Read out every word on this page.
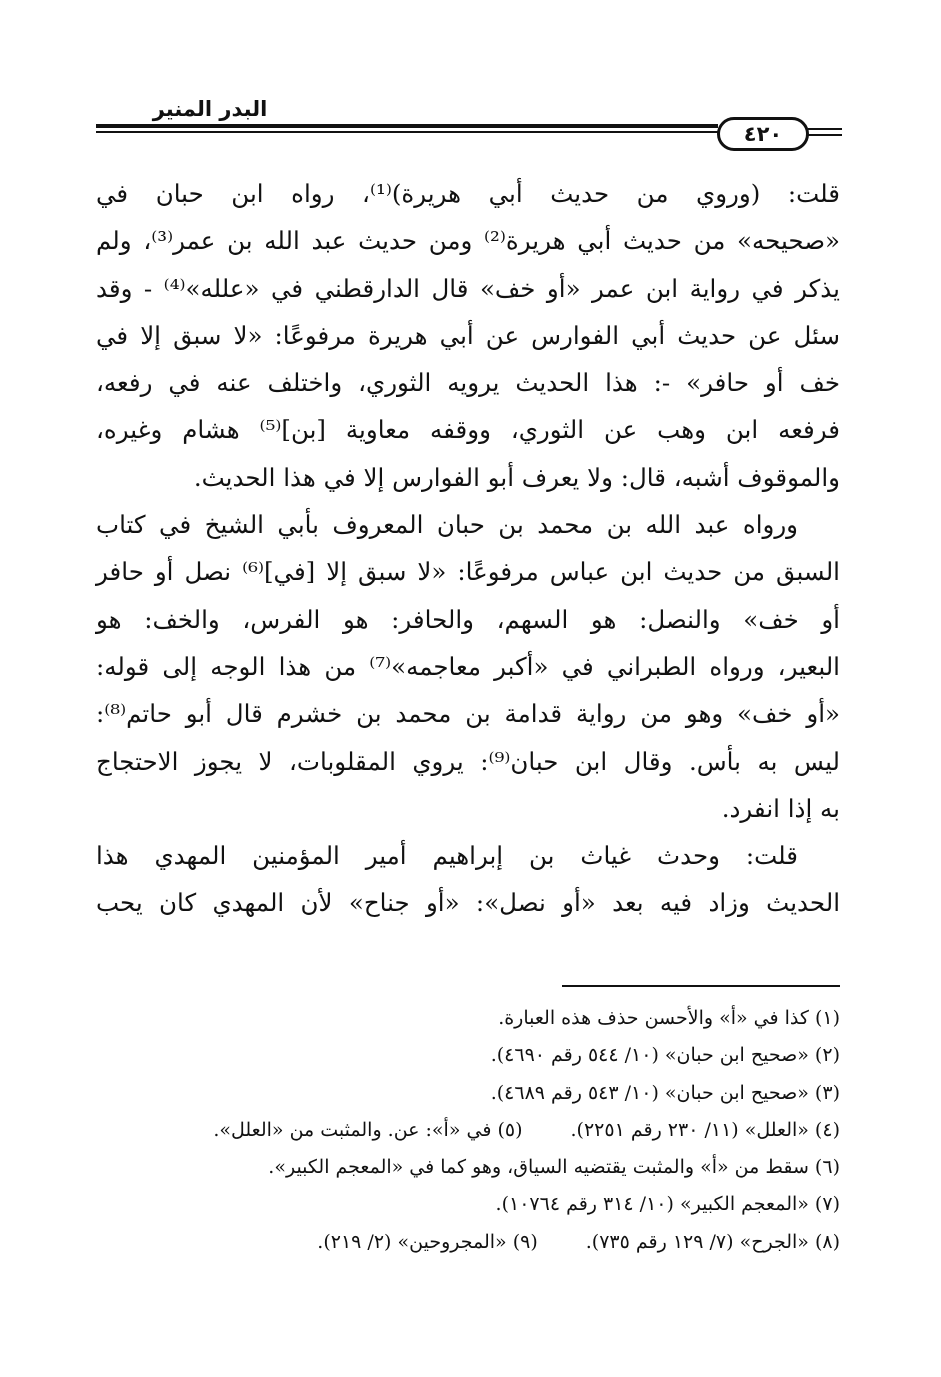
البدر المنير
٤٢٠
قلت: (وروي من حديث أبي هريرة)⁽¹⁾، رواه ابن حبان في
«صحيحه» من حديث أبي هريرة⁽²⁾ ومن حديث عبد الله بن عمر⁽³⁾، ولم
يذكر في رواية ابن عمر «أو خف» قال الدارقطني في «علله»⁽⁴⁾ - وقد
سئل عن حديث أبي الفوارس عن أبي هريرة مرفوعًا: «لا سبق إلا في
خف أو حافر» -: هذا الحديث يرويه الثوري، واختلف عنه في رفعه،
فرفعه ابن وهب عن الثوري، ووقفه معاوية [بن]⁽⁵⁾ هشام وغيره،
والموقوف أشبه، قال: ولا يعرف أبو الفوارس إلا في هذا الحديث.
ورواه عبد الله بن محمد بن حبان المعروف بأبي الشيخ في كتاب
السبق من حديث ابن عباس مرفوعًا: «لا سبق إلا [في]⁽⁶⁾ نصل أو حافر
أو خف» والنصل: هو السهم، والحافر: هو الفرس، والخف: هو
البعير، ورواه الطبراني في «أكبر معاجمه»⁽⁷⁾ من هذا الوجه إلى قوله:
«أو خف» وهو من رواية قدامة بن محمد بن خشرم قال أبو حاتم⁽⁸⁾:
ليس به بأس. وقال ابن حبان⁽⁹⁾: يروي المقلوبات، لا يجوز الاحتجاج
به إذا انفرد.
قلت: وحدث غياث بن إبراهيم أمير المؤمنين المهدي هذا
الحديث وزاد فيه بعد «أو نصل»: «أو جناح» لأن المهدي كان يحب
(١) كذا في «أ» والأحسن حذف هذه العبارة.
(٢) «صحيح ابن حبان» (١٠/ ٥٤٤ رقم ٤٦٩٠).
(٣) «صحيح ابن حبان» (١٠/ ٥٤٣ رقم ٤٦٨٩).
(٤) «العلل» (١١/ ٢٣٠ رقم ٢٢٥١).(٥) في «أ»: عن. والمثبت من «العلل».
(٦) سقط من «أ» والمثبت يقتضيه السياق، وهو كما في «المعجم الكبير».
(٧) «المعجم الكبير» (١٠/ ٣١٤ رقم ١٠٧٦٤).
(٨) «الجرح» (٧/ ١٢٩ رقم ٧٣٥).(٩) «المجروحين» (٢/ ٢١٩).
